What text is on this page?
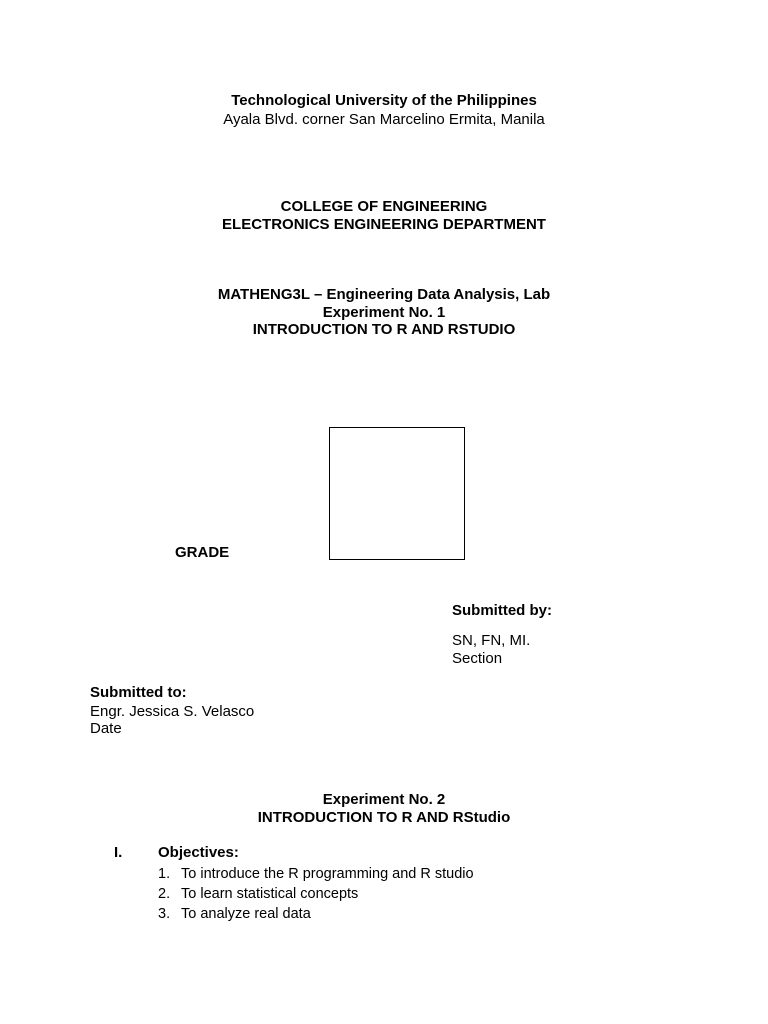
Technological University of the Philippines
Ayala Blvd. corner San Marcelino Ermita, Manila
COLLEGE OF ENGINEERING
ELECTRONICS ENGINEERING DEPARTMENT
MATHENG3L – Engineering Data Analysis, Lab
Experiment No. 1
INTRODUCTION TO R AND RSTUDIO
GRADE
Submitted by:
SN, FN, MI.
Section
Submitted to:
Engr. Jessica S. Velasco
Date
Experiment No. 2
INTRODUCTION TO R AND RStudio
I. Objectives:
1. To introduce the R programming and R studio
2. To learn statistical concepts
3. To analyze real data
